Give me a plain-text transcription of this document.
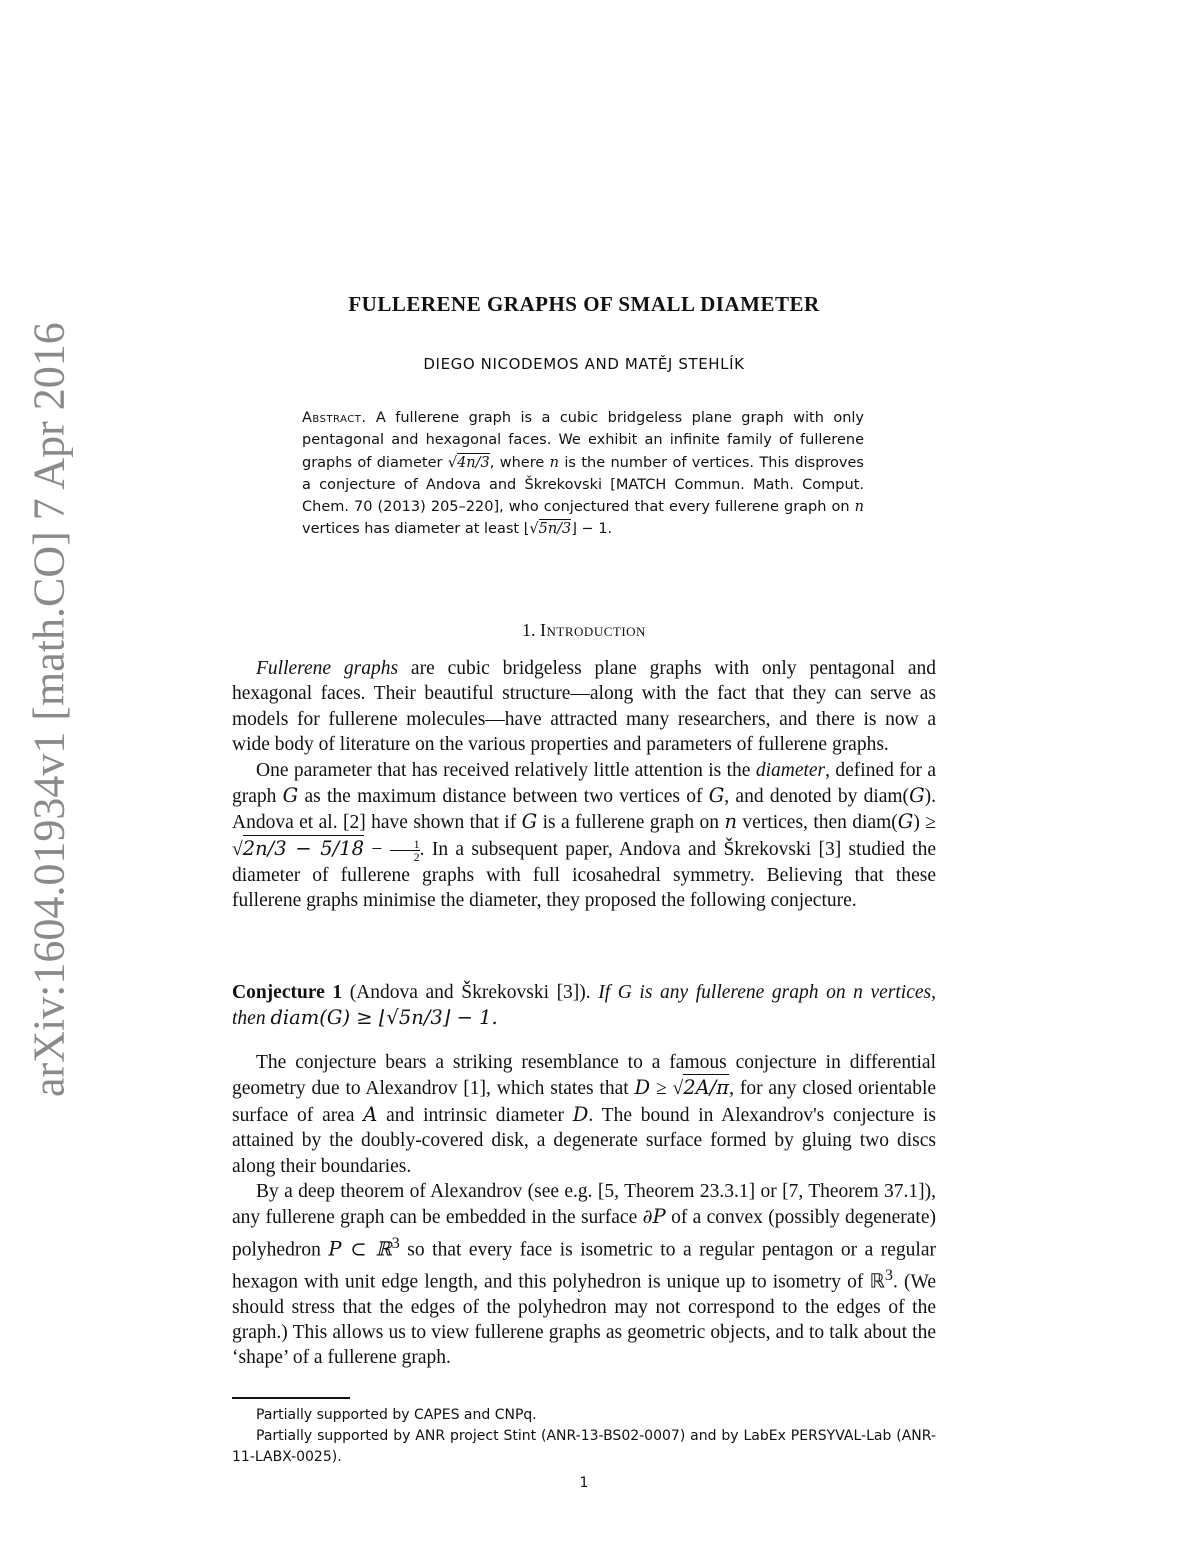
arXiv:1604.01934v1 [math.CO] 7 Apr 2016
FULLERENE GRAPHS OF SMALL DIAMETER
DIEGO NICODEMOS AND MATĚJ STEHLÍK
Abstract. A fullerene graph is a cubic bridgeless plane graph with only pentagonal and hexagonal faces. We exhibit an infinite family of fullerene graphs of diameter √4n/3, where n is the number of vertices. This disproves a conjecture of Andova and Škrekovski [MATCH Commun. Math. Comput. Chem. 70 (2013) 205–220], who conjectured that every fullerene graph on n vertices has diameter at least ⌊√5n/3⌋ − 1.
1. Introduction

Fullerene graphs are cubic bridgeless plane graphs with only pentagonal and hexagonal faces. Their beautiful structure—along with the fact that they can serve as models for fullerene molecules—have attracted many researchers, and there is now a wide body of literature on the various properties and parameters of fullerene graphs.

One parameter that has received relatively little attention is the diameter, defined for a graph G as the maximum distance between two vertices of G, and denoted by diam(G). Andova et al. [2] have shown that if G is a fullerene graph on n vertices, then diam(G) ≥ $√2n/3 - 5/18 - \frac{1}{2}$ . In a subsequent paper, Andova and Škrekovski [3] studied the diameter of fullerene graphs with full icosahedral symmetry. Believing that these fullerene graphs minimise the diameter, they proposed the following conjecture.

Conjecture 1 (Andova and Škrekovski [3]). If G is any fullerene graph on n vertices, then diam(G) ≥ ⌊√5n/3⌋ − 1.

The conjecture bears a striking resemblance to a famous conjecture in differential geometry due to Alexandrov [1], which states that D ≥ √2A/π, for any closed orientable surface of area A and intrinsic diameter D. The bound in Alexandrov's conjecture is attained by the doubly-covered disk, a degenerate surface formed by gluing two discs along their boundaries.

By a deep theorem of Alexandrov (see e.g. [5, Theorem 23.3.1] or [7, Theorem 37.1]), any fullerene graph can be embedded in the surface ∂P of a convex (possibly degenerate) polyhedron P ⊂ ℝ$^3$ so that every face is isometric to a regular pentagon or a regular hexagon with unit edge length, and this polyhedron is unique up to isometry of ℝ$^3$. (We should stress that the edges of the polyhedron may not correspond to the edges of the graph.) This allows us to view fullerene graphs as geometric objects, and to talk about the ‘shape’ of a fullerene graph.

Partially supported by CAPES and CNPq.

Partially supported by ANR project Stint (ANR-13-BS02-0007) and by LabEx PERSYVAL-Lab (ANR-11-LABX-0025).

1
